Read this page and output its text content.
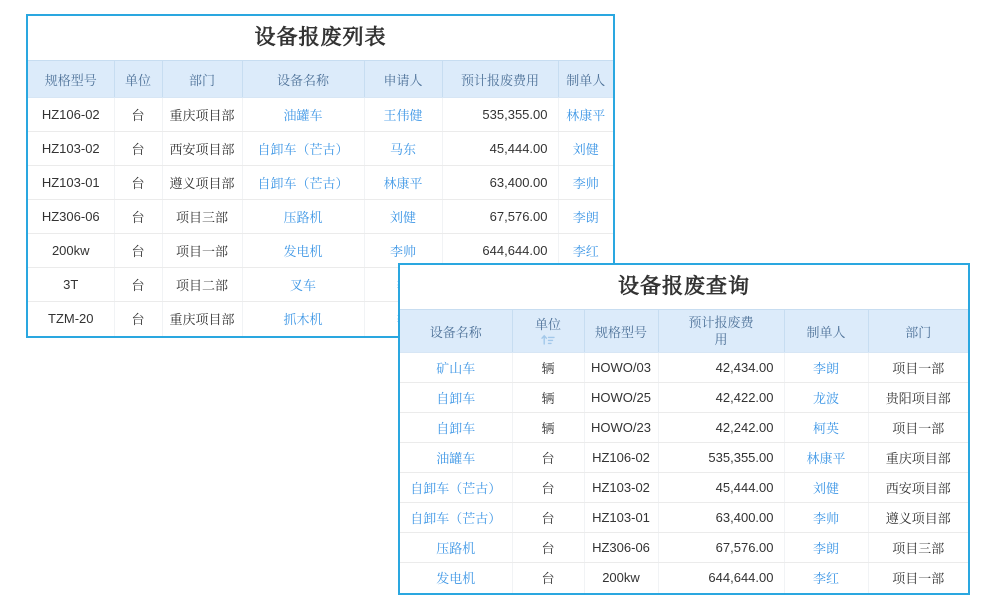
设备报废列表
规格型号	单位	部门	设备名称	申请人	预计报废费用	制单人
HZ106-02	台	重庆项目部	油罐车	王伟健	535,355.00	林康平
HZ103-02	台	西安项目部	自卸车（芒古）	马东	45,444.00	刘健
HZ103-01	台	遵义项目部	自卸车（芒古）	林康平	63,400.00	李帅
HZ306-06	台	项目三部	压路机	刘健	67,576.00	李朗
200kw	台	项目一部	发电机	李帅	644,644.00	李红
3T	台	项目二部	叉车			
TZM-20	台	重庆项目部	抓木机			
设备报废查询
设备名称	单位	规格型号	预计报废费用	制单人	部门
矿山车	辆	HOWO/03	42,434.00	李朗	项目一部
自卸车	辆	HOWO/25	42,422.00	龙波	贵阳项目部
自卸车	辆	HOWO/23	42,242.00	柯英	项目一部
油罐车	台	HZ106-02	535,355.00	林康平	重庆项目部
自卸车（芒古）	台	HZ103-02	45,444.00	刘健	西安项目部
自卸车（芒古）	台	HZ103-01	63,400.00	李帅	遵义项目部
压路机	台	HZ306-06	67,576.00	李朗	项目三部
发电机	台	200kw	644,644.00	李红	项目一部
